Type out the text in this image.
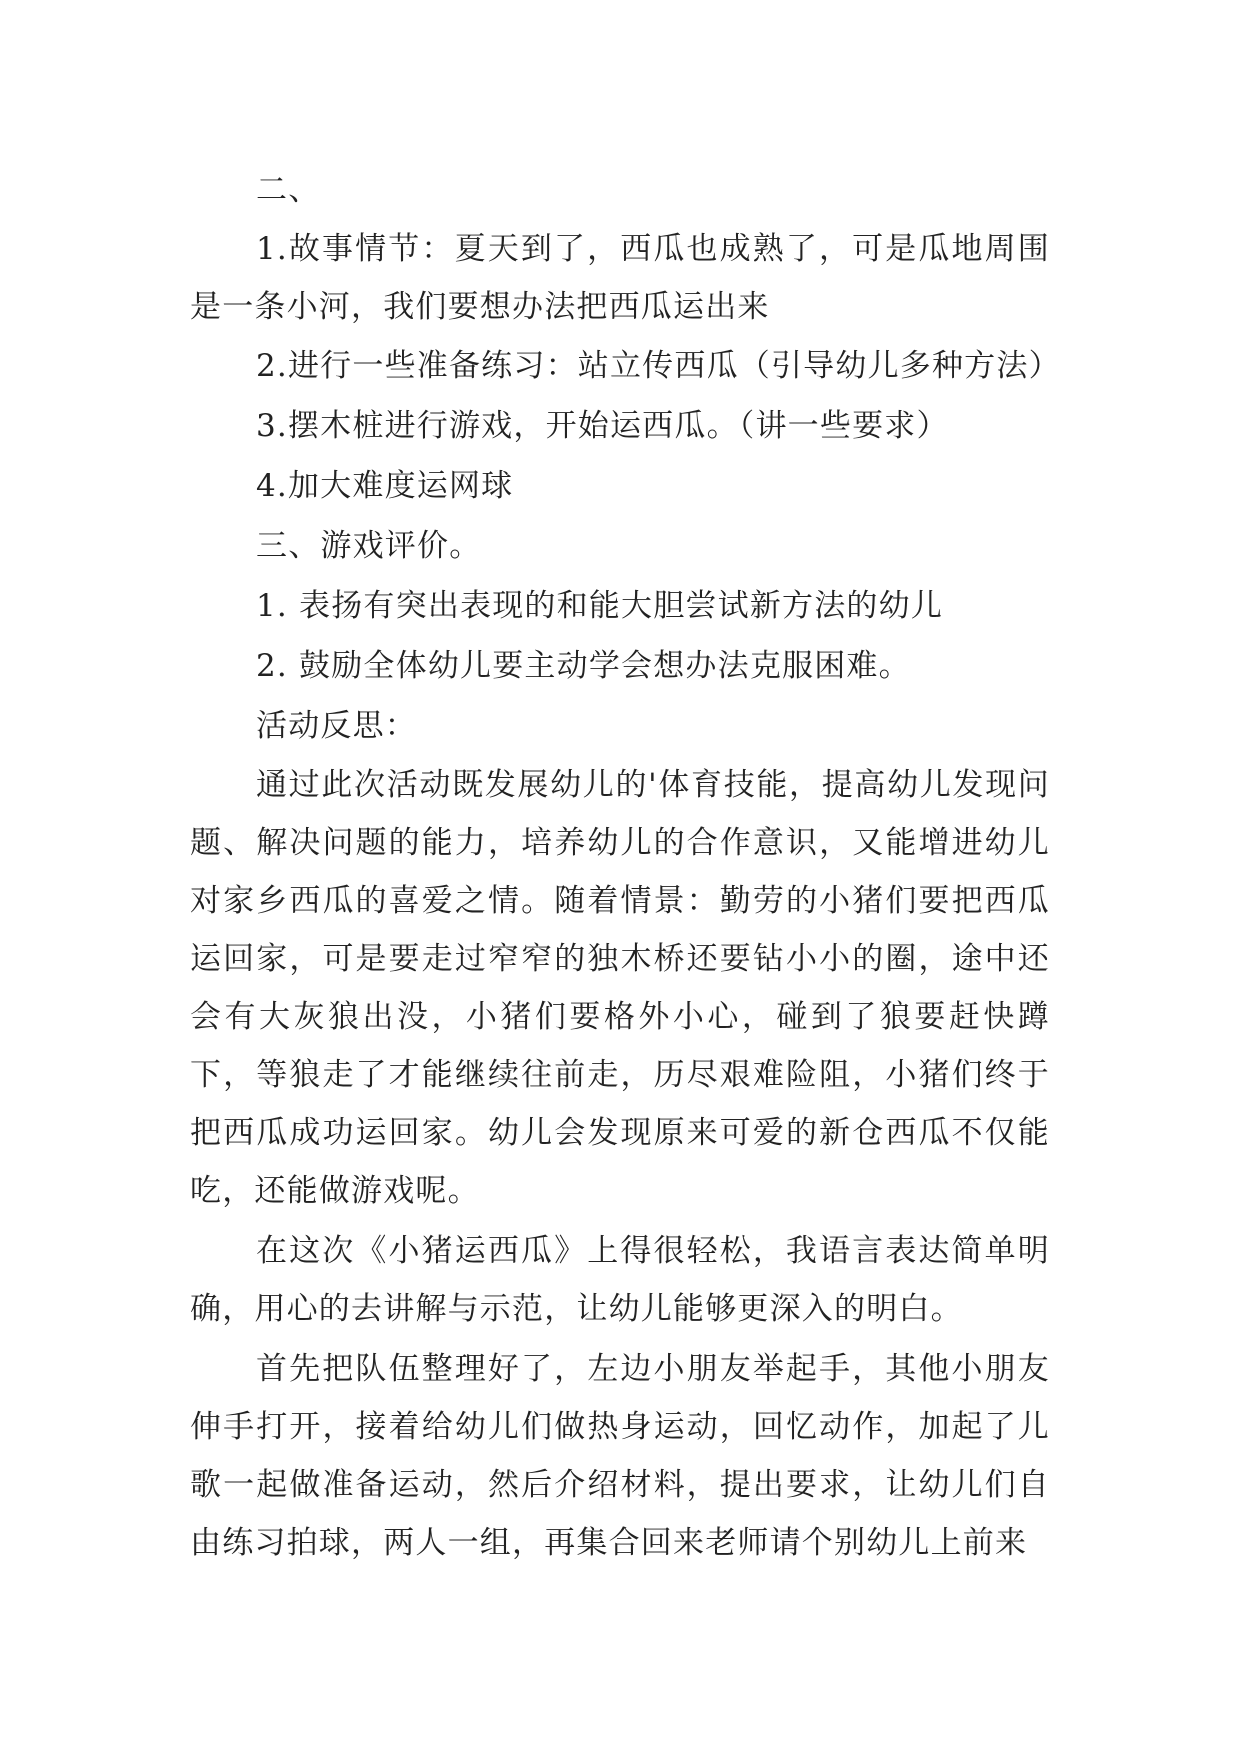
二、

1.故事情节：夏天到了，西瓜也成熟了，可是瓜地周围是一条小河，我们要想办法把西瓜运出来

2.进行一些准备练习：站立传西瓜（引导幼儿多种方法）
3.摆木桩进行游戏，开始运西瓜。（讲一些要求）
4.加大难度运网球
三、游戏评价。
1. 表扬有突出表现的和能大胆尝试新方法的幼儿
2. 鼓励全体幼儿要主动学会想办法克服困难。
活动反思：

通过此次活动既发展幼儿的'体育技能，提高幼儿发现问题、解决问题的能力，培养幼儿的合作意识，又能增进幼儿对家乡西瓜的喜爱之情。随着情景：勤劳的小猪们要把西瓜运回家，可是要走过窄窄的独木桥还要钻小小的圈，途中还会有大灰狼出没，小猪们要格外小心，碰到了狼要赶快蹲下，等狼走了才能继续往前走，历尽艰难险阻，小猪们终于把西瓜成功运回家。幼儿会发现原来可爱的新仓西瓜不仅能吃，还能做游戏呢。

在这次《小猪运西瓜》上得很轻松，我语言表达简单明确，用心的去讲解与示范，让幼儿能够更深入的明白。

首先把队伍整理好了，左边小朋友举起手，其他小朋友伸手打开，接着给幼儿们做热身运动，回忆动作，加起了儿歌一起做准备运动，然后介绍材料，提出要求，让幼儿们自由练习拍球，两人一组，再集合回来老师请个别幼儿上前来
